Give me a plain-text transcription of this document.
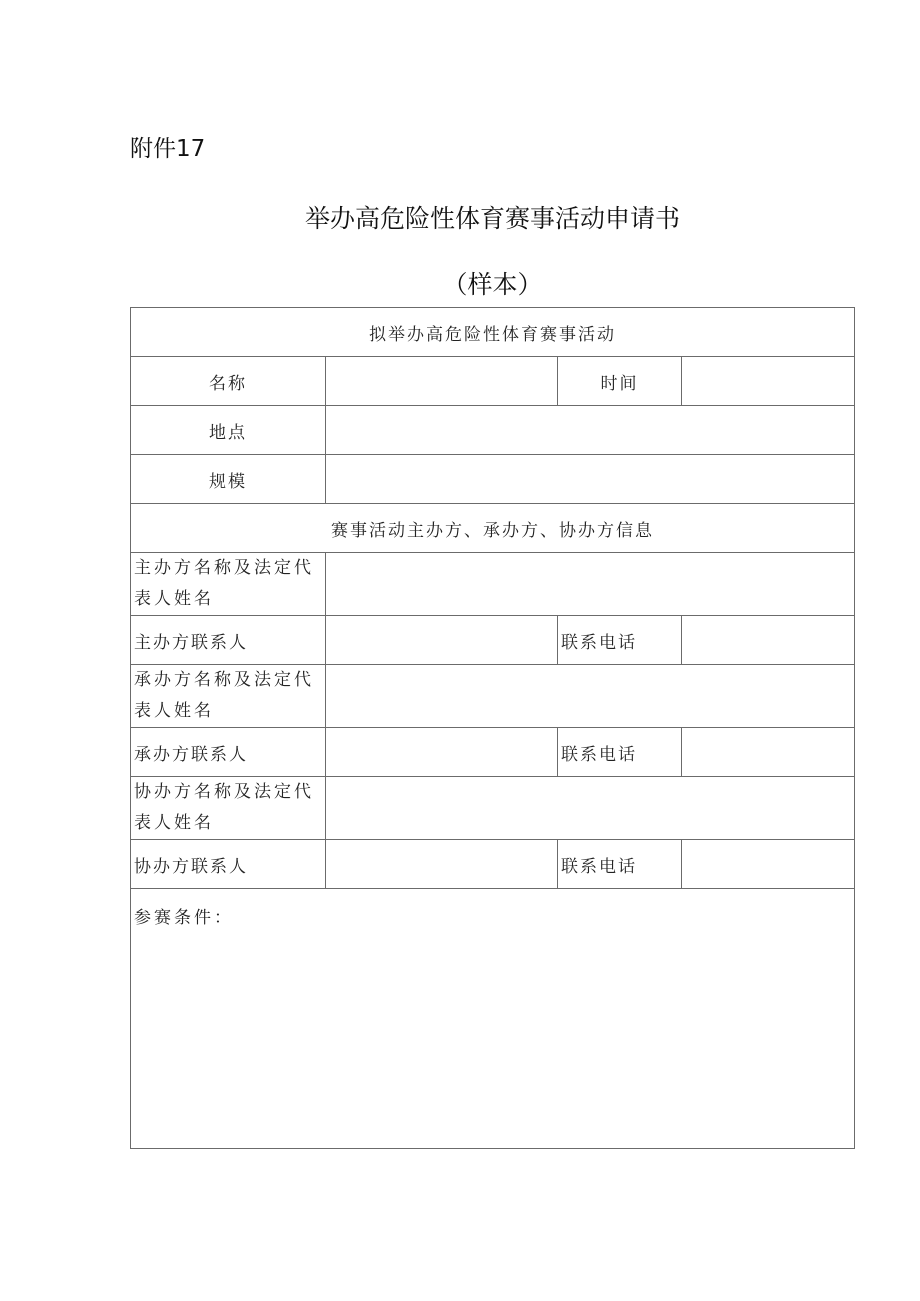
附件17
举办高危险性体育赛事活动申请书
（样本）
拟举办高危险性体育赛事活动			
名称		时间	
地点			
规模			
赛事活动主办方、承办方、协办方信息			
主办方名称及法定代表人姓名			
主办方联系人		联系电话	
承办方名称及法定代表人姓名			
承办方联系人		联系电话	
协办方名称及法定代表人姓名			
协办方联系人		联系电话	
参赛条件：			
